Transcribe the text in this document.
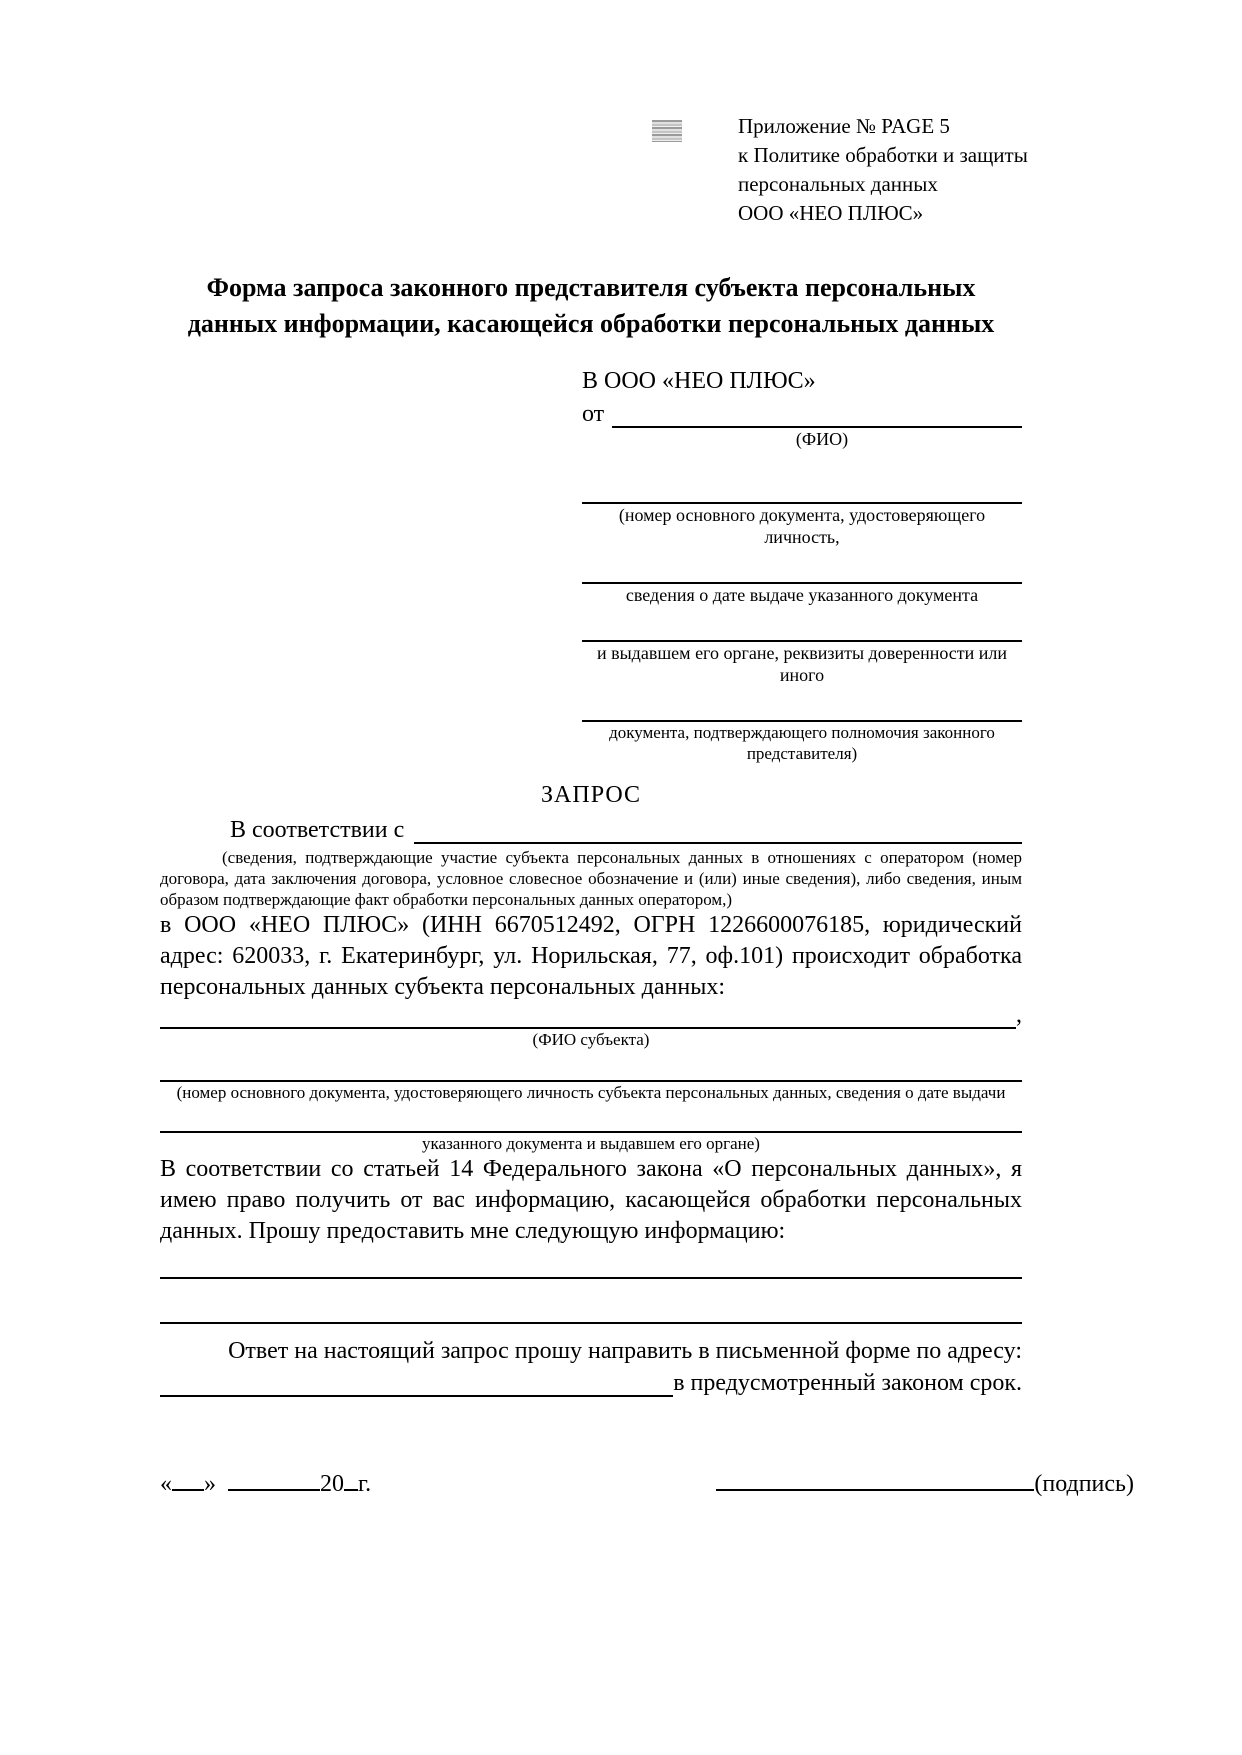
Приложение № PAGE 5
к Политике обработки и защиты
персональных данных
ООО «НЕО ПЛЮС»
Форма запроса законного представителя субъекта персональных данных информации, касающейся обработки персональных данных
В ООО «НЕО ПЛЮС»
от
(ФИО)
(номер основного документа, удостоверяющего личность,
сведения о дате выдаче указанного документа
и выдавшем его органе, реквизиты доверенности или иного
документа, подтверждающего полномочия законного представителя)
ЗАПРОС
В соответствии с
(сведения, подтверждающие участие субъекта персональных данных в отношениях с оператором (номер договора, дата заключения договора, условное словесное обозначение и (или) иные сведения), либо сведения, иным образом подтверждающие факт обработки персональных данных оператором,)
в ООО «НЕО ПЛЮС» (ИНН 6670512492, ОГРН 1226600076185, юридический адрес: 620033, г. Екатеринбург, ул. Норильская, 77, оф.101) происходит обработка персональных данных субъекта персональных данных:
,
(ФИО субъекта)
(номер основного документа, удостоверяющего личность субъекта персональных данных, сведения о дате выдачи
указанного документа и выдавшем его органе)
В соответствии со статьей 14 Федерального закона «О персональных данных», я имею право получить от вас информацию, касающейся обработки персональных данных. Прошу предоставить мне следующую информацию:
Ответ на настоящий запрос прошу направить в письменной форме по адресу:
в предусмотренный законом срок.
« »	20 г.	(подпись)
